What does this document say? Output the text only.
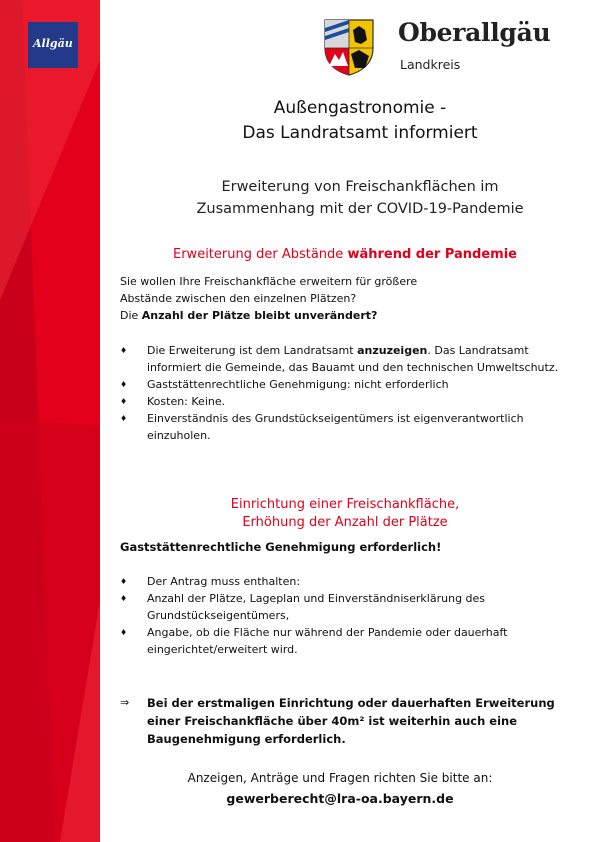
Allgäu	Oberallgäu
Landkreis
Außengastronomie -
Das Landratsamt informiert
Erweiterung von Freischankflächen im
Zusammenhang mit der COVID-19-Pandemie
Erweiterung der Abstände während der Pandemie
Sie wollen Ihre Freischankfläche erweitern für größere
Abstände zwischen den einzelnen Plätzen?
Die Anzahl der Plätze bleibt unverändert?
♦ Die Erweiterung ist dem Landratsamt anzuzeigen. Das Landratsamt informiert die Gemeinde, das Bauamt und den technischen Umweltschutz.
♦ Gaststättenrechtliche Genehmigung: nicht erforderlich
♦ Kosten: Keine.
♦ Einverständnis des Grundstückseigentümers ist eigenverantwortlich einzuholen.
Einrichtung einer Freischankfläche,
Erhöhung der Anzahl der Plätze
Gaststättenrechtliche Genehmigung erforderlich!
♦ Der Antrag muss enthalten:
♦ Anzahl der Plätze, Lageplan und Einverständniserklärung des Grundstückseigentümers,
♦ Angabe, ob die Fläche nur während der Pandemie oder dauerhaft eingerichtet/erweitert wird.
⇒	Bei der erstmaligen Einrichtung oder dauerhaften Erweiterung einer Freischankfläche über 40m² ist weiterhin auch eine Baugenehmigung erforderlich.
Anzeigen, Anträge und Fragen richten Sie bitte an:
gewerberecht@lra-oa.bayern.de
